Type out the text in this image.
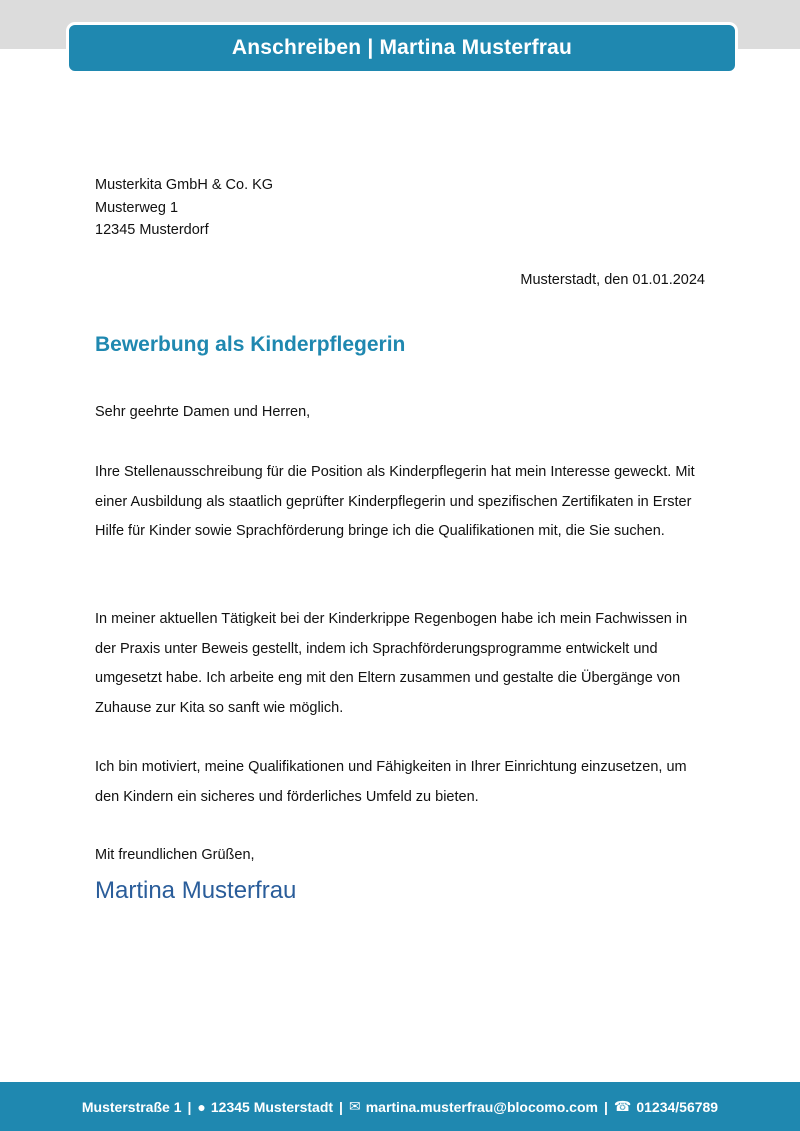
Anschreiben | Martina Musterfrau
Musterkita GmbH & Co. KG
Musterweg 1
12345 Musterdorf
Musterstadt, den 01.01.2024
Bewerbung als Kinderpflegerin
Sehr geehrte Damen und Herren,
Ihre Stellenausschreibung für die Position als Kinderpflegerin hat mein Interesse geweckt. Mit einer Ausbildung als staatlich geprüfter Kinderpflegerin und spezifischen Zertifikaten in Erster Hilfe für Kinder sowie Sprachförderung bringe ich die Qualifikationen mit, die Sie suchen.
In meiner aktuellen Tätigkeit bei der Kinderkrippe Regenbogen habe ich mein Fachwissen in der Praxis unter Beweis gestellt, indem ich Sprachförderungsprogramme entwickelt und umgesetzt habe. Ich arbeite eng mit den Eltern zusammen und gestalte die Übergänge von Zuhause zur Kita so sanft wie möglich.
Ich bin motiviert, meine Qualifikationen und Fähigkeiten in Ihrer Einrichtung einzusetzen, um den Kindern ein sicheres und förderliches Umfeld zu bieten.
Mit freundlichen Grüßen,
Martina Musterfrau
Musterstraße 1 | ● 12345 Musterstadt | ✉ martina.musterfrau@blocomo.com | ☎ 01234/56789
